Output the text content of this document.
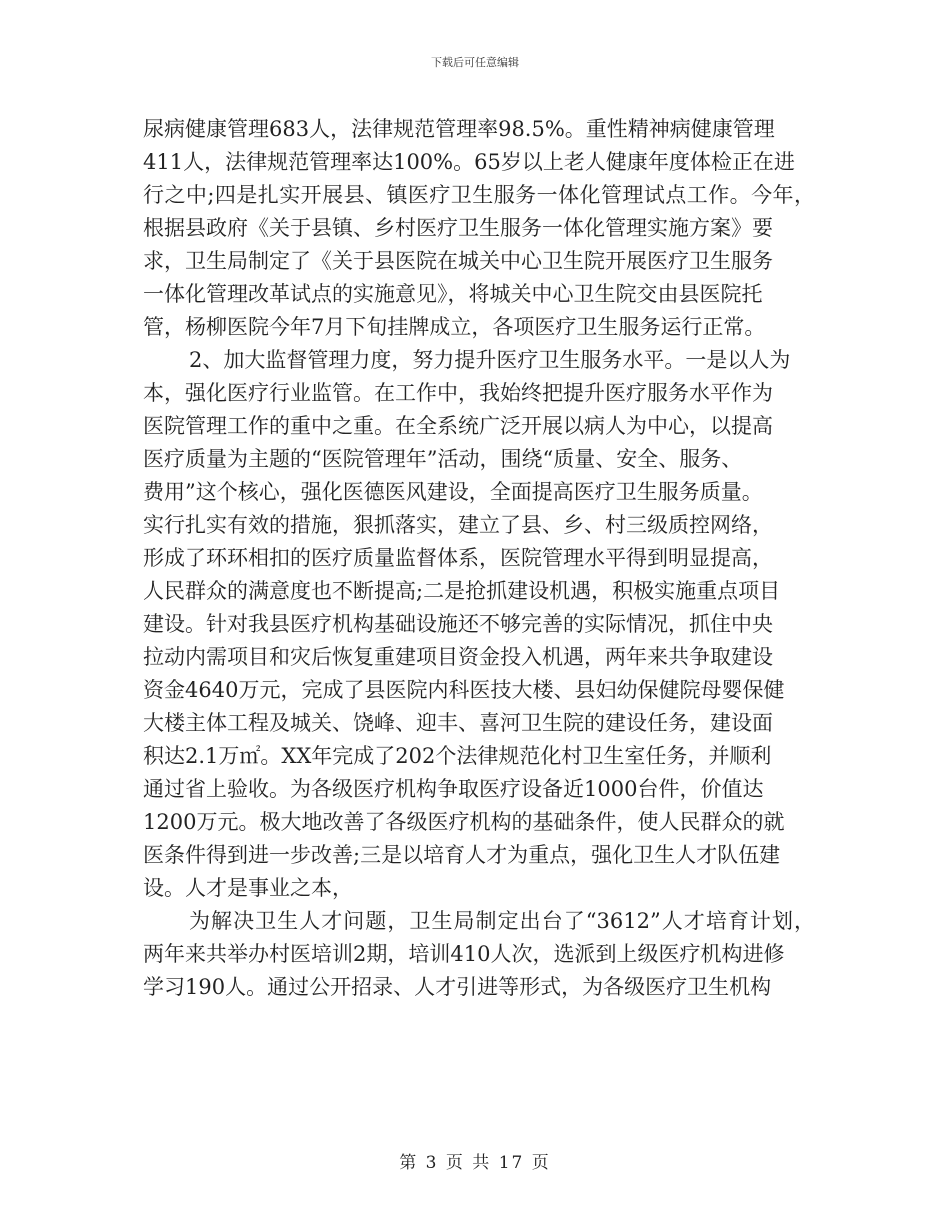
下载后可任意编辑
尿病健康管理683人，法律规范管理率98.5%。重性精神病健康管理
411人，法律规范管理率达100%。65岁以上老人健康年度体检正在进
行之中;四是扎实开展县、镇医疗卫生服务一体化管理试点工作。今年，
根据县政府《关于县镇、乡村医疗卫生服务一体化管理实施方案》要
求，卫生局制定了《关于县医院在城关中心卫生院开展医疗卫生服务
一体化管理改革试点的实施意见》，将城关中心卫生院交由县医院托
管，杨柳医院今年7月下旬挂牌成立，各项医疗卫生服务运行正常。
2、加大监督管理力度，努力提升医疗卫生服务水平。一是以人为
本，强化医疗行业监管。在工作中，我始终把提升医疗服务水平作为
医院管理工作的重中之重。在全系统广泛开展以病人为中心，以提高
医疗质量为主题的“医院管理年”活动，围绕“质量、安全、服务、
费用”这个核心，强化医德医风建设，全面提高医疗卫生服务质量。
实行扎实有效的措施，狠抓落实，建立了县、乡、村三级质控网络，
形成了环环相扣的医疗质量监督体系，医院管理水平得到明显提高，
人民群众的满意度也不断提高;二是抢抓建设机遇，积极实施重点项目
建设。针对我县医疗机构基础设施还不够完善的实际情况，抓住中央
拉动内需项目和灾后恢复重建项目资金投入机遇，两年来共争取建设
资金4640万元，完成了县医院内科医技大楼、县妇幼保健院母婴保健
大楼主体工程及城关、饶峰、迎丰、喜河卫生院的建设任务，建设面
积达2.1万㎡。XX年完成了202个法律规范化村卫生室任务，并顺利
通过省上验收。为各级医疗机构争取医疗设备近1000台件，价值达
1200万元。极大地改善了各级医疗机构的基础条件，使人民群众的就
医条件得到进一步改善;三是以培育人才为重点，强化卫生人才队伍建
设。人才是事业之本，
为解决卫生人才问题，卫生局制定出台了“3612”人才培育计划，
两年来共举办村医培训2期，培训410人次，选派到上级医疗机构进修
学习190人。通过公开招录、人才引进等形式，为各级医疗卫生机构
第 3 页 共 17 页
